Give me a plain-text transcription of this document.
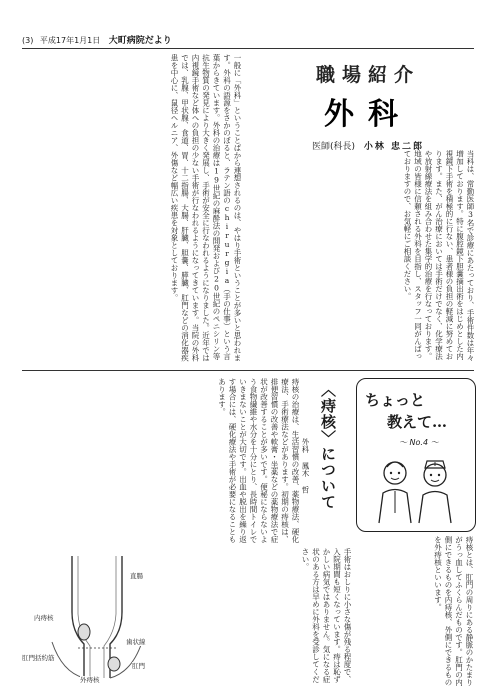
(3) 平成17年1月1日 大町病院だより
職場紹介
外科
医師(科長) 小林 忠二郎

当科は、常勤医師3名で診療にあたっており、手術件数は年々増加しております。特に腹腔鏡下胆嚢摘出術をはじめとした内視鏡下手術を積極的に行ない、患者様の負担の軽減に努めております。また、がん治療においては手術だけでなく、化学療法や放射線療法を組み合わせた集学的治療を行なっております。地域の皆様に信頼される外科を目指し、スタッフ一同がんばっておりますので、お気軽にご相談ください。

一般に「外科」ということばから連想されるのは、やはり手術ということが多いと思われます。外科の語源をさかのぼると、ラテン語のchirurgia（手の仕事）という言葉からきています。外科の治療は19世紀の麻酔法の開発および20世紀のペニシリン等抗生物質の発見により大きく発展し、手術が安全に行なわれるようになりました。近年では内視鏡手術など体への負担の少ない手術が行なわれるようになってきています。当院の外科では、乳腺、甲状腺、食道、胃、十二指腸、大腸、肝臓、胆嚢、膵臓、肛門などの消化器疾患を中心に、鼠径ヘルニア、外傷など幅広い疾患を対象としております。

ちょっと
教えて…
～ No.4 ～
〈痔核〉について
外科 鳳木 哲

痔核の治療は、生活習慣の改善、薬物療法、硬化療法、手術療法などがあります。初期の痔核は、排便習慣の改善や軟膏・坐薬などの薬物療法で症状が改善することが多いです。便秘にならないよう食物繊維や水分を十分にとり、長時間トイレでいきまないことが大切です。出血や脱出を繰り返す場合には、硬化療法や手術が必要になることもあります。

痔核とは、肛門の周りにある静脈のかたまりがうっ血してふくらんだものです。肛門の内側にできるものを内痔核、外側にできるものを外痔核といいます。

手術はおしりに小さな傷が残る程度で、入院期間も短くなっています。痔は恥ずかしい病気ではありません。気になる症状のある方は早めに外科を受診してください。

内痔核
歯状線
肛門
肛門括約筋
外痔核
直腸
